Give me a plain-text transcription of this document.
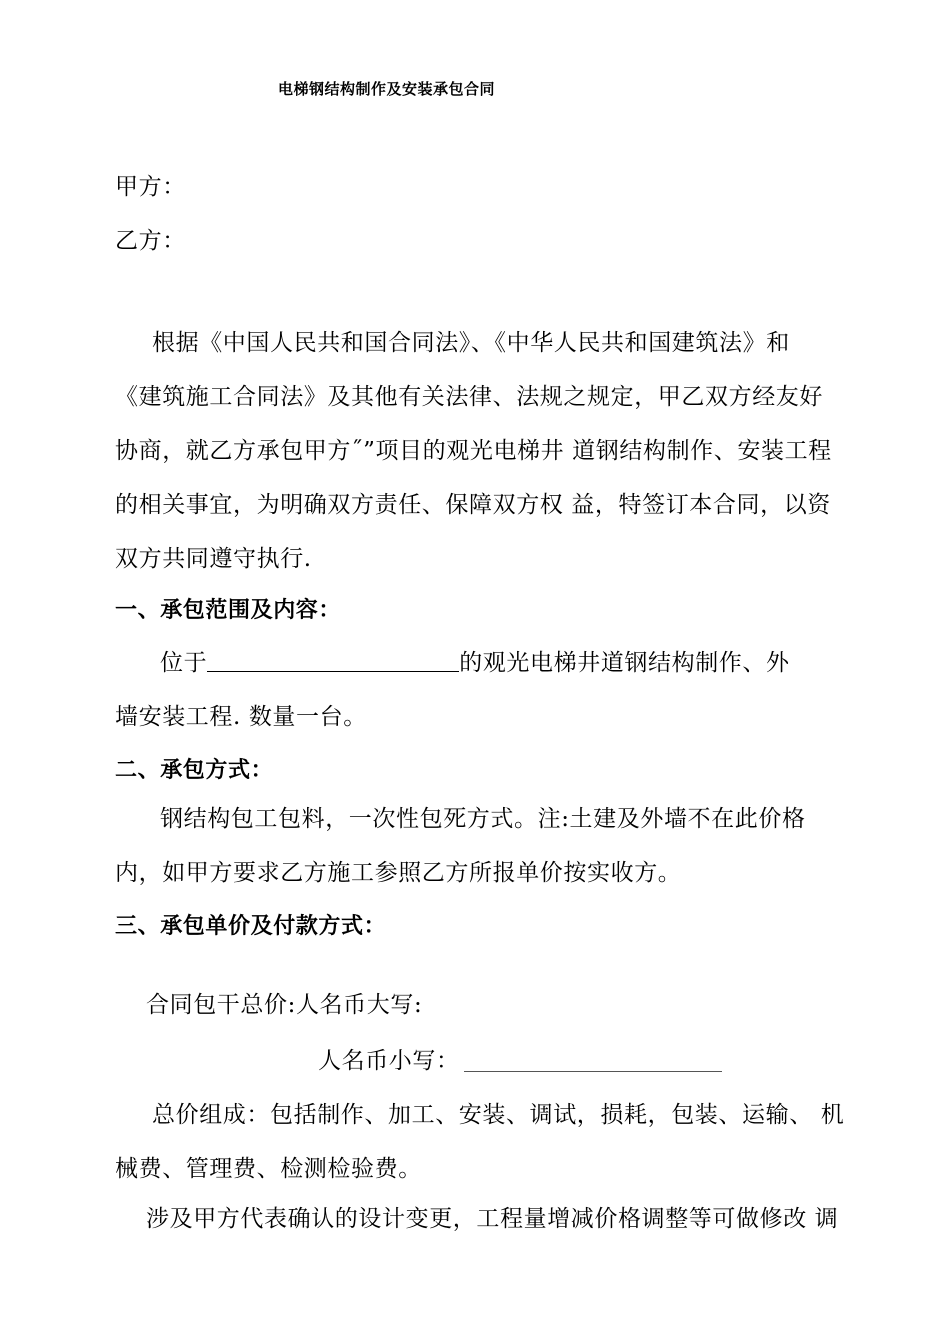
电梯钢结构制作及安装承包合同
甲方：
乙方：
根据《中国人民共和国合同法》、《中华人民共和国建筑法》和
《建筑施工合同法》及其他有关法律、法规之规定，甲乙双方经友好
协商，就乙方承包甲方˝”项目的观光电梯井 道钢结构制作、安装工程
的相关事宜，为明确双方责任、保障双方权 益，特签订本合同，以资
双方共同遵守执行.
一、承包范围及内容：
位于	的观光电梯井道钢结构制作、外
墙安装工程. 数量一台。
二、承包方式：
钢结构包工包料，一次性包死方式。注:土建及外墙不在此价格
内，如甲方要求乙方施工参照乙方所报单价按实收方。
三、承包单价及付款方式：
合同包干总价:人名币大写:
人名币小写：
总价组成：包括制作、加工、安装、调试，损耗，包装、运输、 机
械费、管理费、检测检验费。
涉及甲方代表确认的设计变更，工程量增减价格调整等可做修改 调
